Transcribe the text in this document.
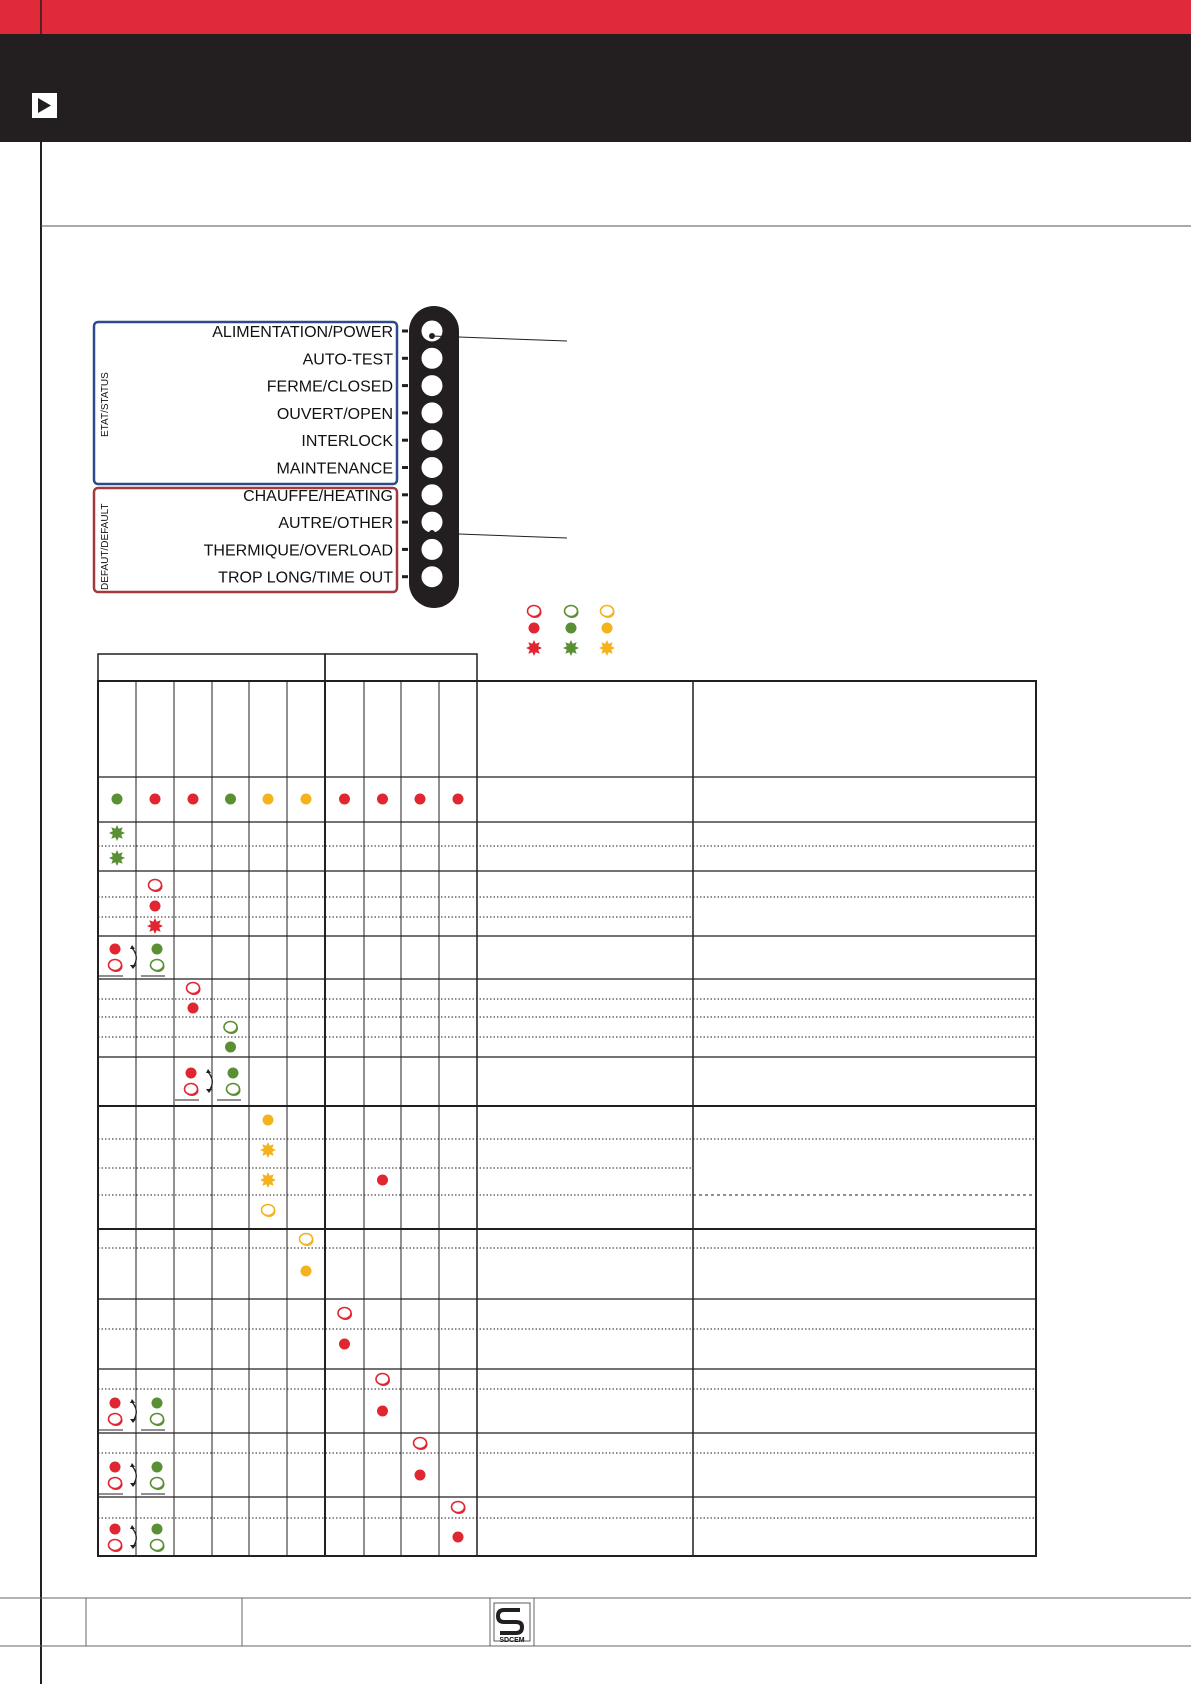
ETAT/STATUS
DEFAUT/DEFAULT
ALIMENTATION/POWER
AUTO-TEST
FERME/CLOSED
OUVERT/OPEN
INTERLOCK
MAINTENANCE
CHAUFFE/HEATING
AUTRE/OTHER
THERMIQUE/OVERLOAD
TROP LONG/TIME OUT
SDCEM
